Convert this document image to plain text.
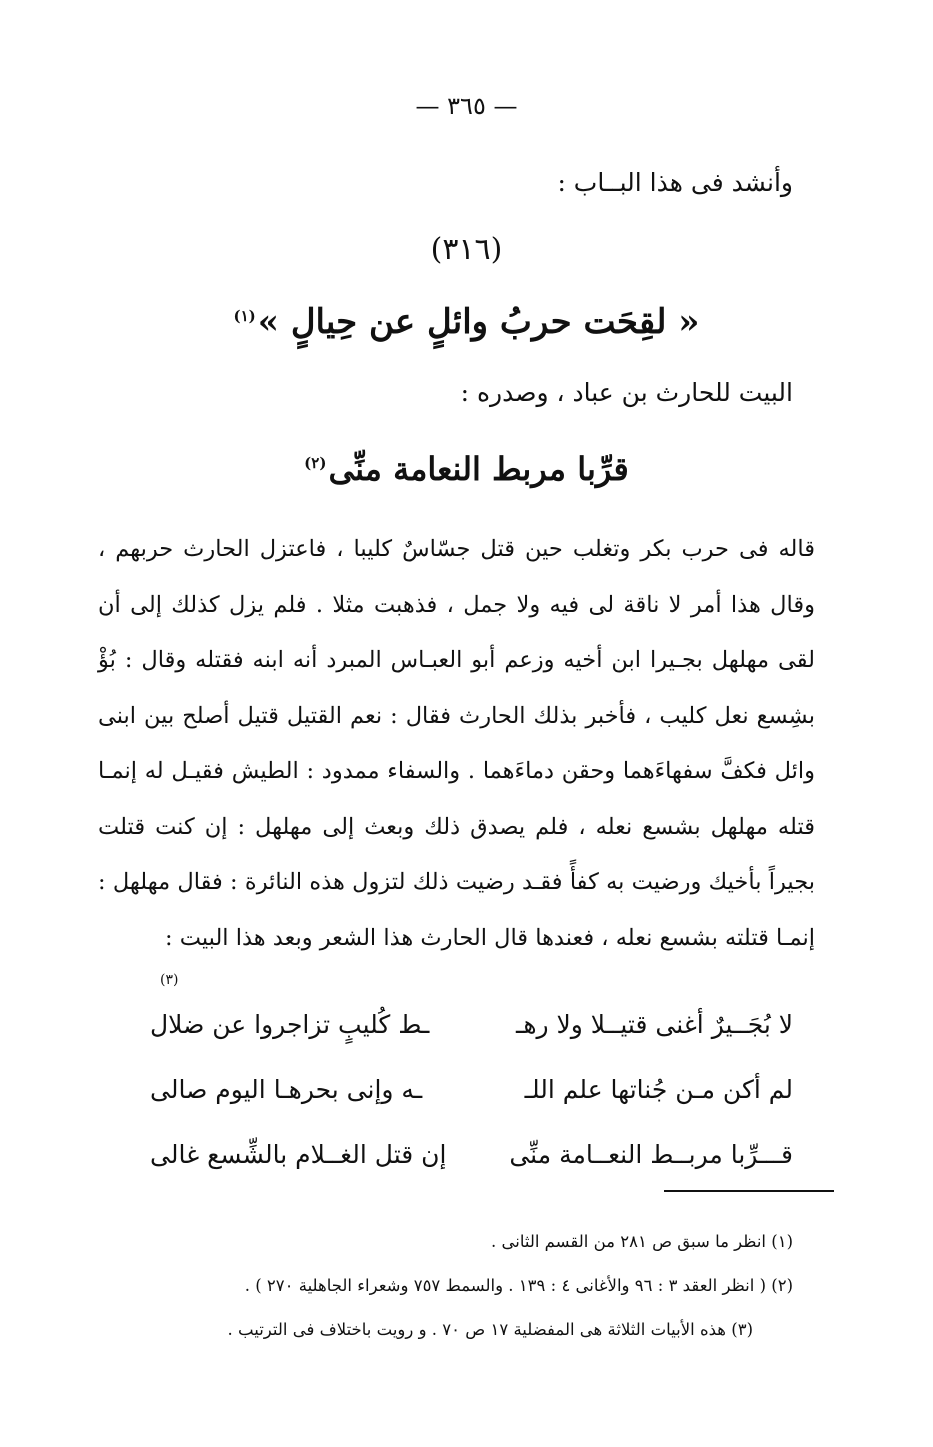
— ٣٦٥ —
وأنشد فى هذا البــاب :
(٣١٦)
« لقِحَت حربُ وائلٍ عن حِيالٍ »$^{(١)}$
البيت للحارث بن عباد ، وصدره :
قرِّبا مربط النعامة منِّى$^{(٢)}$

قاله فى حرب بكر وتغلب حين قتل جسّاسٌ كليبا ، فاعتزل الحارث حربهم ، وقال هذا أمر لا ناقة لى فيه ولا جمل ، فذهبت مثلا . فلم يزل كذلك إلى أن لقى مهلهل بجـيرا ابن أخيه وزعم أبو العبـاس المبرد أنه ابنه فقتله وقال : بُؤْ بشِسع نعل كليب ، فأخبر بذلك الحارث فقال : نعم القتيل قتيل أصلح بين ابنى وائل فكفَّ سفهاءَهما وحقن دماءَهما . والسفاء ممدود : الطيش فقيـل له إنمـا قتله مهلهل بشسع نعله ، فلم يصدق ذلك وبعث إلى مهلهل : إن كنت قتلت بجيراً بأخيك ورضيت به كفأً فقـد رضيت ذلك لتزول هذه النائرة : فقال مهلهل : إنمـا قتلته بشسع نعله ، فعندها قال الحارث هذا الشعر وبعد هذا البيت :

(٣)
لا بُجَــيرٌ أغنى قتيــلا ولا رهـ
ـط كُليبٍ تزاجروا عن ضلال
لم أكن مـن جُناتها علم اللـ
ـه وإنى بحرهـا اليوم صالى
قـــرِّبا مربــط النعــامة منِّى
إن قتل الغــلام بالشِّسع غالى
(١) انظر ما سبق ص ٢٨١ من القسم الثانى .
(٢) ( انظر العقد ٣ : ٩٦ والأغانى ٤ : ١٣٩ . والسمط ٧٥٧ وشعراء الجاهلية ٢٧٠ ) .
(٣) هذه الأبيات الثلاثة هى المفضلية ١٧ ص ٧٠ . و رويت باختلاف فى الترتيب .
